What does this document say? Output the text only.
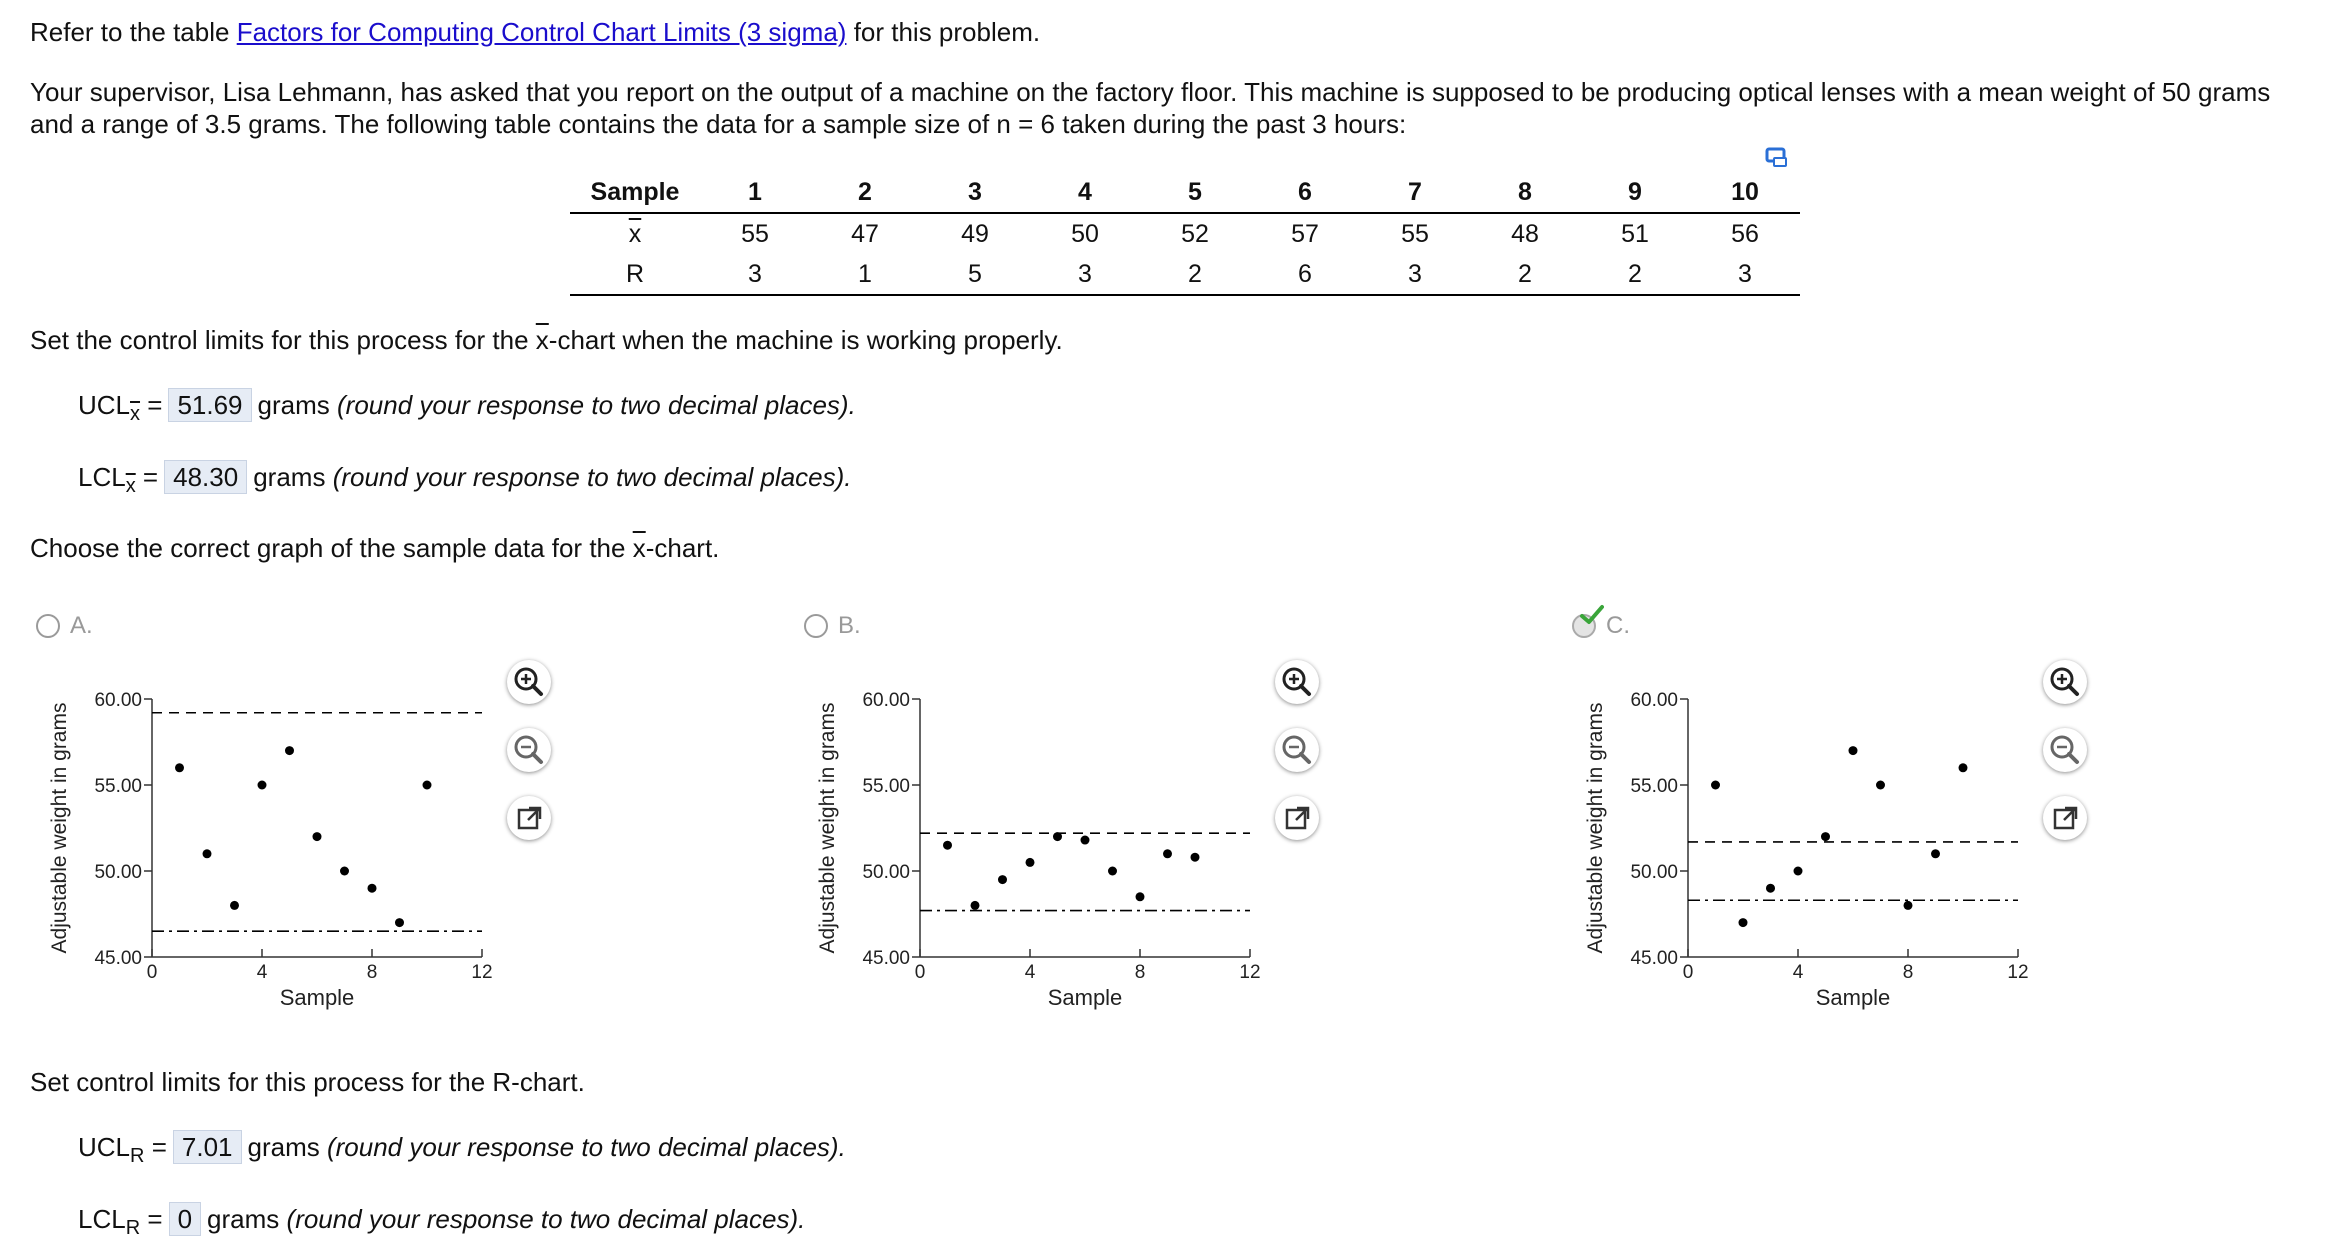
Refer to the table Factors for Computing Control Chart Limits (3 sigma) for this problem.
Your supervisor, Lisa Lehmann, has asked that you report on the output of a machine on the factory floor. This machine is supposed to be producing optical lenses with a mean weight of 50 grams
and a range of 3.5 grams. The following table contains the data for a sample size of n = 6 taken during the past 3 hours:
Sample	1	2	3	4	5	6	7	8	9	10
$\overline{x}$	55	47	49	50	52	57	55	48	51	56
R	3	1	5	3	2	6	3	2	2	3
Set the control limits for this process for the $\overline{x}$-chart when the machine is working properly.
$UCL_{\overline{x}} = 51.69$ grams (round your response to two decimal places).
$LCL_{\overline{x}} = 48.30$ grams (round your response to two decimal places).
Choose the correct graph of the sample data for the $\overline{x}$-chart.
A.	B.	C.
45.00
50.00
55.00
60.00
0	4	8	12
Sample
Adjustable weight in grams
45.00
50.00
55.00
60.00
0	4	8	12
Sample
Adjustable weight in grams
45.00
50.00
55.00
60.00
0	4	8	12
Sample
Adjustable weight in grams
Set control limits for this process for the R-chart.
$UCL_R = 7.01$ grams (round your response to two decimal places).
$LCL_R = 0$ grams (round your response to two decimal places).
